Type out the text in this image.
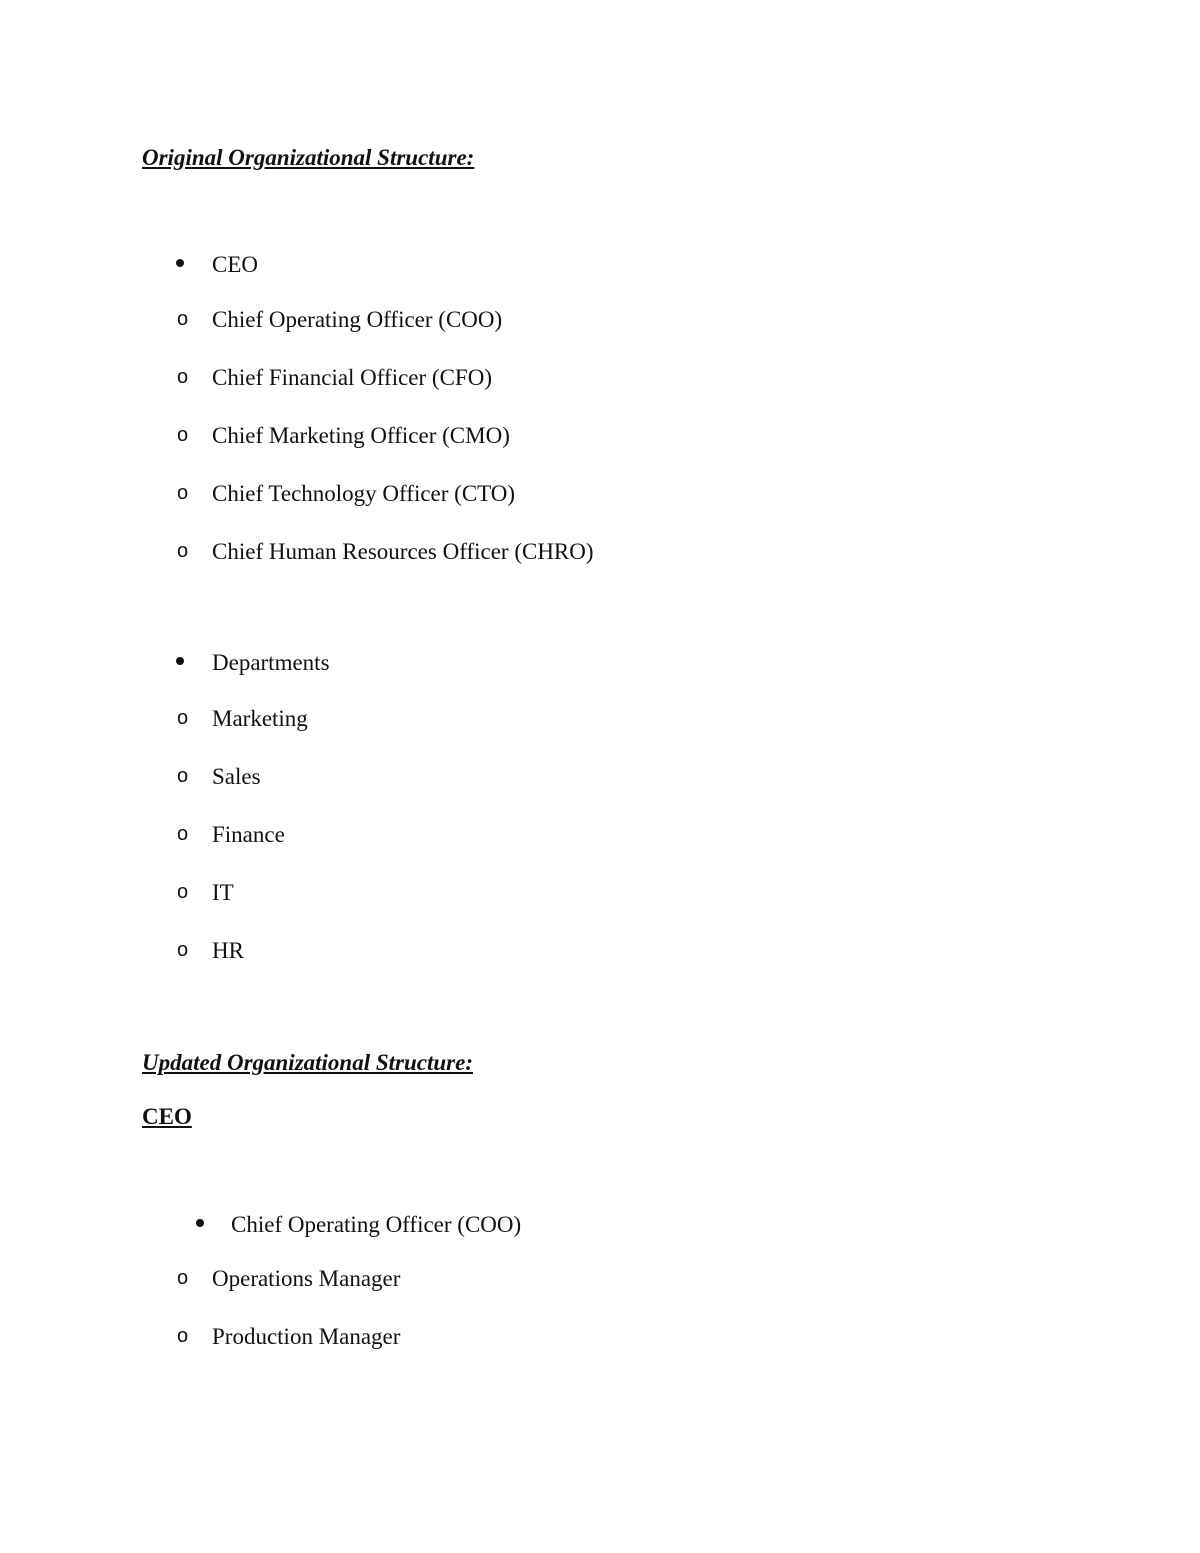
Original Organizational Structure:
CEO
o Chief Operating Officer (COO)
o Chief Financial Officer (CFO)
o Chief Marketing Officer (CMO)
o Chief Technology Officer (CTO)
o Chief Human Resources Officer (CHRO)
Departments
o Marketing
o Sales
o Finance
o IT
o HR
Updated Organizational Structure:
CEO
Chief Operating Officer (COO)
o Operations Manager
o Production Manager
